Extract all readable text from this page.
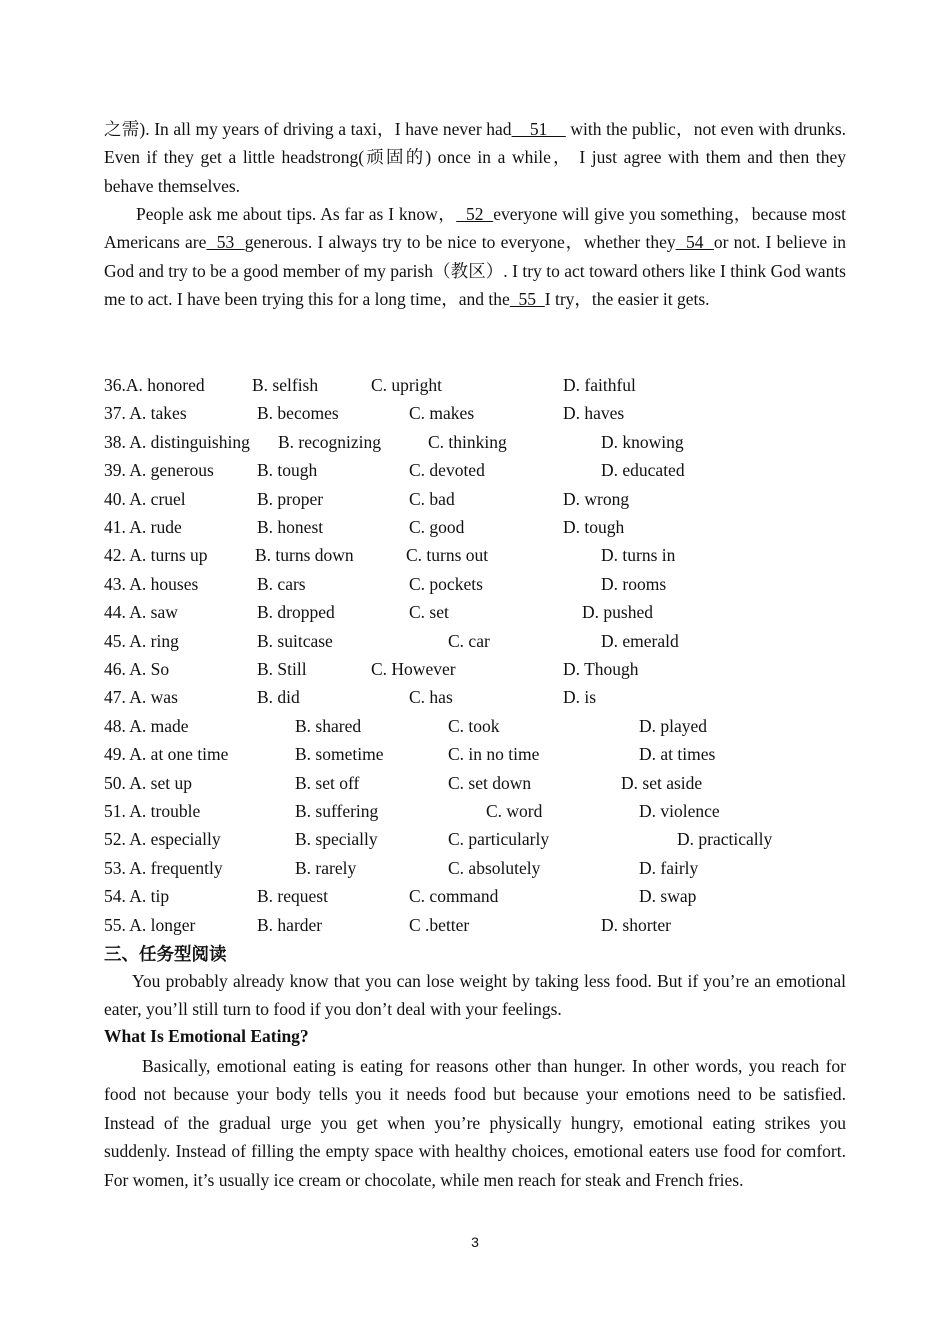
之需). In all my years of driving a taxi，I have never had    51     with the public，not even with drunks. Even if they get a little headstrong(顽固的) once in a while， I just agree with them and then they behave themselves.

People ask me about tips. As far as I know，  52  everyone will give you something，because most Americans are  53  generous. I always try to be nice to everyone，whether they  54  or not. I believe in God and try to be a good member of my parish（教区）. I try to act toward others like I think God wants me to act. I have been trying this for a long time，and the  55  I try，the easier it gets.

36.A. honored	B. selfish	C. upright	D. faithful
37. A. takes	B. becomes	C. makes	D. haves
38. A. distinguishing B. recognizing	C. thinking	D. knowing
39. A. generous B. tough	C. devoted	D. educated
40. A. cruel	B. proper	C. bad	D. wrong
41. A. rude	B. honest	C. good	D. tough
42. A. turns up	B. turns down	C. turns out	D. turns in
43. A. houses	B. cars	C. pockets	D. rooms
44. A. saw	B. dropped	C. set	D. pushed
45. A. ring	B. suitcase	C. car	D. emerald
46. A. So	B. Still	C. However	D. Though
47. A. was	B. did	C. has	D. is
48. A. made	B. shared	C. took	D. played
49. A. at one time	B. sometime	C. in no time	D. at times
50. A. set up	B. set off	C. set down	D. set aside
51. A. trouble	B. suffering	C. word	D. violence
52. A. especially	B. specially	C. particularly	D. practically
53. A. frequently	B. rarely	C. absolutely	D. fairly
54. A. tip	B. request	C. command	D. swap
55. A. longer	B. harder	C .better	D. shorter
三、任务型阅读

You probably already know that you can lose weight by taking less food. But if you’re an emotional eater, you’ll still turn to food if you don’t deal with your feelings.

What Is Emotional Eating?

Basically, emotional eating is eating for reasons other than hunger. In other words, you reach for food not because your body tells you it needs food but because your emotions need to be satisfied. Instead of the gradual urge you get when you’re physically hungry, emotional eating strikes you suddenly. Instead of filling the empty space with healthy choices, emotional eaters use food for comfort. For women, it’s usually ice cream or chocolate, while men reach for steak and French fries.

3
